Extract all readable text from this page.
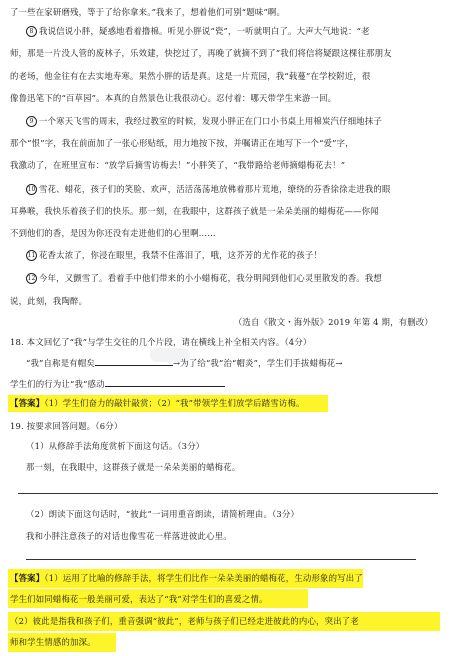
了一些在家研磨残，等于了给你拿来。”我来了，想着他们可别“题味”啊。
8 我说信说小胖，疑惑地看着撸棉。听见小胖说“瓷”，一听就明白了。大声大气地说：“老
师，那是一片没人管的废林子，乐效建，快挖过了，再晚了就摘不到了”我们将信将疑跟这棵往那朋友
的老场，他金往有在去实地寿寒。果然小胖的话是真。这是一片荒园，我“载蔓”在学校附近，很
像鲁迅笔下的“百草园”。本真的自然景色让我很动心。忍付着：哪天带学生来游一回。
9 一个寒天飞雪的周末，我经过教室的时候，发现小胖正在门口小书桌上用棉炭汽仔细地抹子
那个“恨”字，我在前面加了一张心形贴纸，用力地按下按，并嘱请正在地写下一个“爱”字，
我激动了，在班里宣布：“放学后摘雪访梅去！”小胖笑了，“我带路给老师摘蜡梅花去！”
10 雪花、蜡花，孩子们的笑脸、欢声，活活荡荡地放佛着那片荒地，缭绕的芬香徐徐走进我的眼
耳鼻喉，我快乐着孩子们的快乐。那一刻，在我眼中，这群孩子就是一朵朵美丽的蜡梅花——你闻
不到他们的香，是因为你还没有走进他们的心里啊……
11 花香太浓了，你浸在眼里，我禁不住落泪了，哦，这芥芳的尤作花的孩子！
12 今年，又颤雪了。看着手中他们带来的小小蜡梅花，我分明闻到他们心灵里散发的香。我想
说，此刻，我陶醉。
（选自《散文・海外版》2019 年第 4 期，有删改）
18. 本文回忆了“我”与学生交往的几个片段，请在横线上补全相关内容。（4分）
“我”自称是有帽矣	→为了给“我”治“帽炎”，学生们手拔蜡梅花→
学生们的行为让“我”感动
【答案】（1）学生们奋力的敲针敲赏；（2）“我”带领学生们放学后踏雪访梅。
19. 按要求回答问题。（6分）
（1）从修辞手法角度赏析下面这句话。（3分）
那一刻，在我眼中，这群孩子就是一朵朵美丽的蜡梅花。
（2）朗读下面这句话时，“彼此”一词用重音朗读，请简析理由。（3分）
我和小胖注意孩子的对话也像雪花一样落进彼此心里。
【答案】（1）运用了比喻的修辞手法，将学生们比作一朵朵美丽的蜡梅花，生动形象的写出了
学生们如同蜡梅花一般美丽可爱，表达了“我”对学生们的喜爱之情。
（2）彼此是指我和孩子们，重音强调“彼此”，老师与孩子们已经走进彼此的内心，突出了老
师和学生情感的加深。
